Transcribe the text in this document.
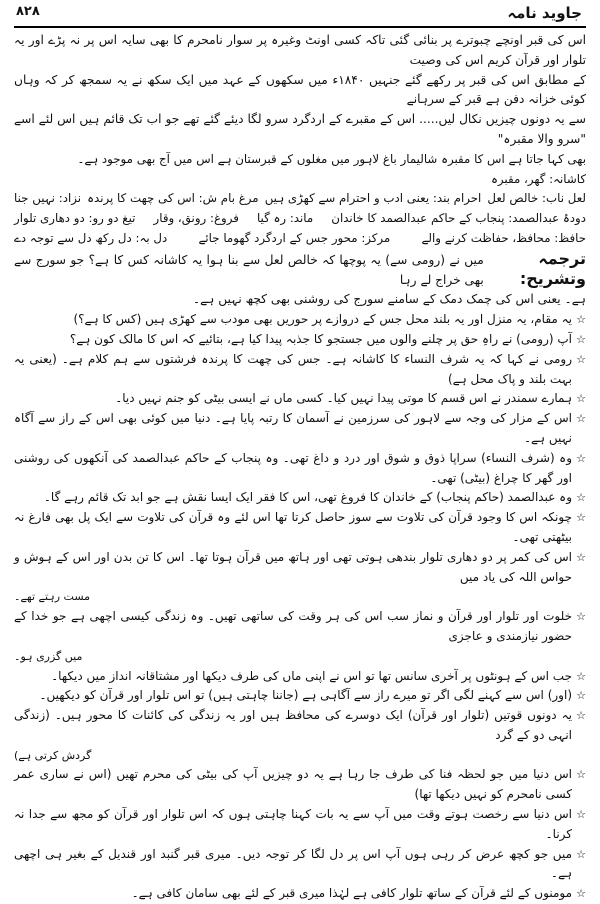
جاوید نامہ
۸۲۸

اس کی قبر اونچے چبوترے پر بنائی گئی تاکہ کسی اونٹ وغیرہ پر سوار نامحرم کا بھی سایہ اس پر نہ پڑے اور یہ تلوار اور قرآن کریم اس کی وصیت

کے مطابق اس کی قبر پر رکھے گئے جنہیں ۱۸۴۰ء میں سکھوں کے عہد میں ایک سکھ نے یہ سمجھ کر کہ وہاں کوئی خزانہ دفن ہے قبر کے سرہانے

سے یہ دونوں چیزیں نکال لیں..... اس کے مقبرے کے اردگرد سرو لگا دیئے گئے تھے جو اب تک قائم ہیں اس لئے اسے "سرو والا مقبرہ"

بھی کہا جاتا ہے اس کا مقبرہ شالیمار باغ لاہور میں مغلوں کے قبرستان ہے اس میں آج بھی موجود ہے۔
کاشانہ: گھر، مقبرہ
لعل ناب: خالص لعل
احرام بند: یعنی ادب و احترام سے کھڑی ہیں
مرغ بام ش: اس کی چھت کا پرندہ
نزاد: نہیں جنا
دودۂ عبدالصمد: پنجاب کے حاکم عبدالصمد کا خاندان
ماند: رہ گیا
فروغ: رونق، وقار
تیغ دو رو: دو دھاری تلوار
حافظ: محافظ، حفاظت کرنے والے
مرکز: محور جس کے اردگرد گھوما جائے
دل بہ: دل رکھ دل سے توجہ دے
ترجمہ وتشریح:
میں نے (رومی سے) یہ پوچھا کہ خالص لعل سے بنا ہوا یہ کاشانہ کس کا ہے؟ جو سورج سے بھی خراج لے رہا

ہے۔ یعنی اس کی چمک دمک کے سامنے سورج کی روشنی بھی کچھ نہیں ہے۔

☆
یہ مقام، یہ منزل اور یہ بلند محل جس کے دروازے پر حوریں بھی مودب سے کھڑی ہیں (کس کا ہے؟)
☆
آپ (رومی) نے راہِ حق پر چلنے والوں میں جستجو کا جذبہ پیدا کیا ہے، بتائیے کہ اس کا مالک کون ہے؟
☆
رومی نے کہا کہ یہ شرف النساء کا کاشانہ ہے۔ جس کی چھت کا پرندہ فرشتوں سے ہم کلام ہے۔ (یعنی یہ بہت بلند و پاک محل ہے)
☆
ہمارے سمندر نے اس قسم کا موتی پیدا نہیں کیا۔ کسی ماں نے ایسی بیٹی کو جنم نہیں دیا۔
☆
اس کے مزار کی وجہ سے لاہور کی سرزمین نے آسمان کا رتبہ پایا ہے۔ دنیا میں کوئی بھی اس کے راز سے آگاہ نہیں ہے۔
☆
وہ (شرف النساء) سراپا ذوق و شوق اور درد و داغ تھی۔ وہ پنجاب کے حاکم عبدالصمد کی آنکھوں کی روشنی اور گھر کا چراغ (بیٹی) تھی۔
☆
وہ عبدالصمد (حاکم پنجاب) کے خاندان کا فروغ تھی، اس کا فقر ایک ایسا نقش ہے جو ابد تک قائم رہے گا۔
☆
چونکہ اس کا وجود قرآن کی تلاوت سے سوز حاصل کرتا تھا اس لئے وہ قرآن کی تلاوت سے ایک پل بھی فارغ نہ بیٹھتی تھی۔
☆
اس کی کمر پر دو دھاری تلوار بندھی ہوتی تھی اور ہاتھ میں قرآن ہوتا تھا۔ اس کا تن بدن اور اس کے ہوش و حواس اللہ کی یاد میں
مست رہتے تھے۔
☆
خلوت اور تلوار اور قرآن و نماز سب اس کی ہر وقت کی ساتھی تھیں۔ وہ زندگی کیسی اچھی ہے جو خدا کے حضور نیازمندی و عاجزی
میں گزری ہو۔
☆
جب اس کے ہونٹوں پر آخری سانس تھا تو اس نے اپنی ماں کی طرف دیکھا اور مشتاقانہ انداز میں دیکھا۔
☆
(اور) اس سے کہنے لگی اگر تو میرے راز سے آگاہی ہے (جاننا چاہتی ہیں) تو اس تلوار اور قرآن کو دیکھیں۔
☆
یہ دونوں قوتیں (تلوار اور قرآن) ایک دوسرے کی محافظ ہیں اور یہ زندگی کی کائنات کا محور ہیں۔ (زندگی انہی دو کے گرد
گردش کرتی ہے)
☆
اس دنیا میں جو لحظہ فنا کی طرف جا رہا ہے یہ دو چیزیں آپ کی بیٹی کی محرم تھیں (اس نے ساری عمر کسی نامحرم کو نہیں دیکھا تھا)
☆
اس دنیا سے رخصت ہوتے وقت میں آپ سے یہ بات کہنا چاہتی ہوں کہ اس تلوار اور قرآن کو مجھ سے جدا نہ کرنا۔
☆
میں جو کچھ عرض کر رہی ہوں آپ اس پر دل لگا کر توجہ دیں۔ میری قبر گنبد اور قندیل کے بغیر ہی اچھی ہے۔
☆
مومنوں کے لئے قرآن کے ساتھ تلوار کافی ہے لہٰذا میری قبر کے لئے بھی سامان کافی ہے۔
